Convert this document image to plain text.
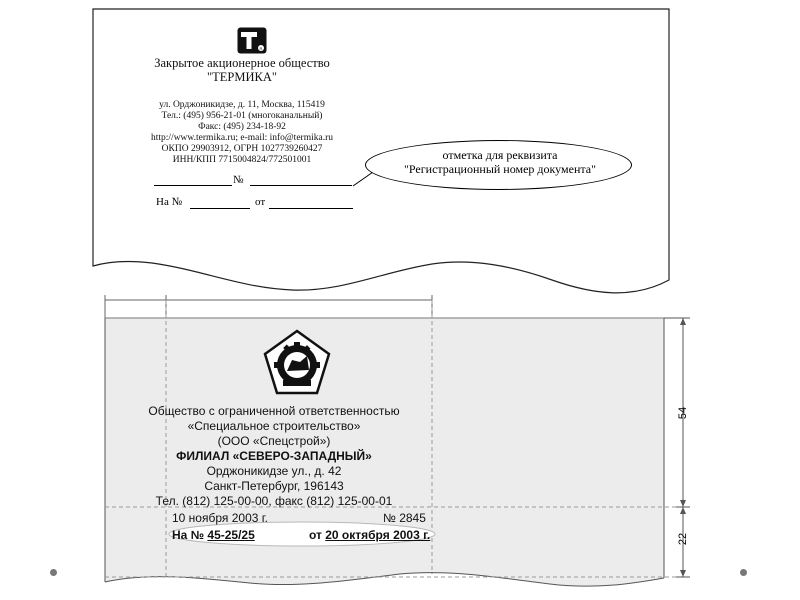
R
Закрытое акционерное общество
"ТЕРМИКА"
ул. Орджоникидзе, д. 11, Москва, 115419
Тел.: (495) 956-21-01 (многоканальный)
Факс: (495) 234-18-92
http://www.termika.ru; e-mail: info@termika.ru
ОКПО 29903912, ОГРН 1027739260427
ИНН/КПП 7715004824/772501001
№
На №	от
отметка для реквизита
"Регистрационный номер документа"
Общество с ограниченной ответственностью
«Специальное строительство»
(ООО «Спецстрой»)
ФИЛИАЛ «СЕВЕРО-ЗАПАДНЫЙ»
Орджоникидзе ул., д. 42
Санкт-Петербург, 196143
Тел. (812) 125-00-00, факс (812) 125-00-01
10 ноября 2003 г.	№ 2845
На № 45-25/25	от 20 октября 2003 г.
54
22
